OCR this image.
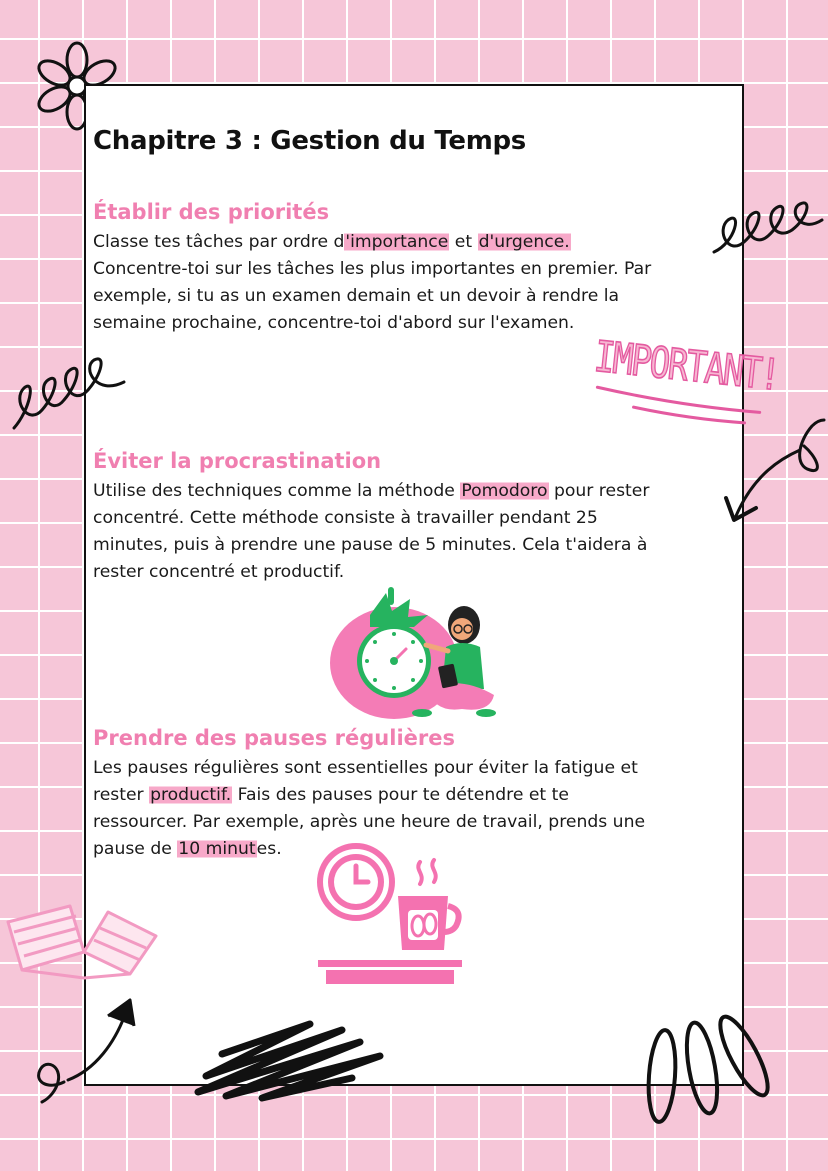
IMPORTANT!
Chapitre 3 : Gestion du Temps
Établir des priorités

Classe tes tâches par ordre d'importance et d'urgence.
Concentre-toi sur les tâches les plus importantes en premier. Par
exemple, si tu as un examen demain et un devoir à rendre la
semaine prochaine, concentre-toi d'abord sur l'examen.

Éviter la procrastination

Utilise des techniques comme la méthode Pomodoro pour rester
concentré. Cette méthode consiste à travailler pendant 25
minutes, puis à prendre une pause de 5 minutes. Cela t'aidera à
rester concentré et productif.

Prendre des pauses régulières

Les pauses régulières sont essentielles pour éviter la fatigue et
rester productif. Fais des pauses pour te détendre et te
ressourcer. Par exemple, après une heure de travail, prends une
pause de 10 minutes.
